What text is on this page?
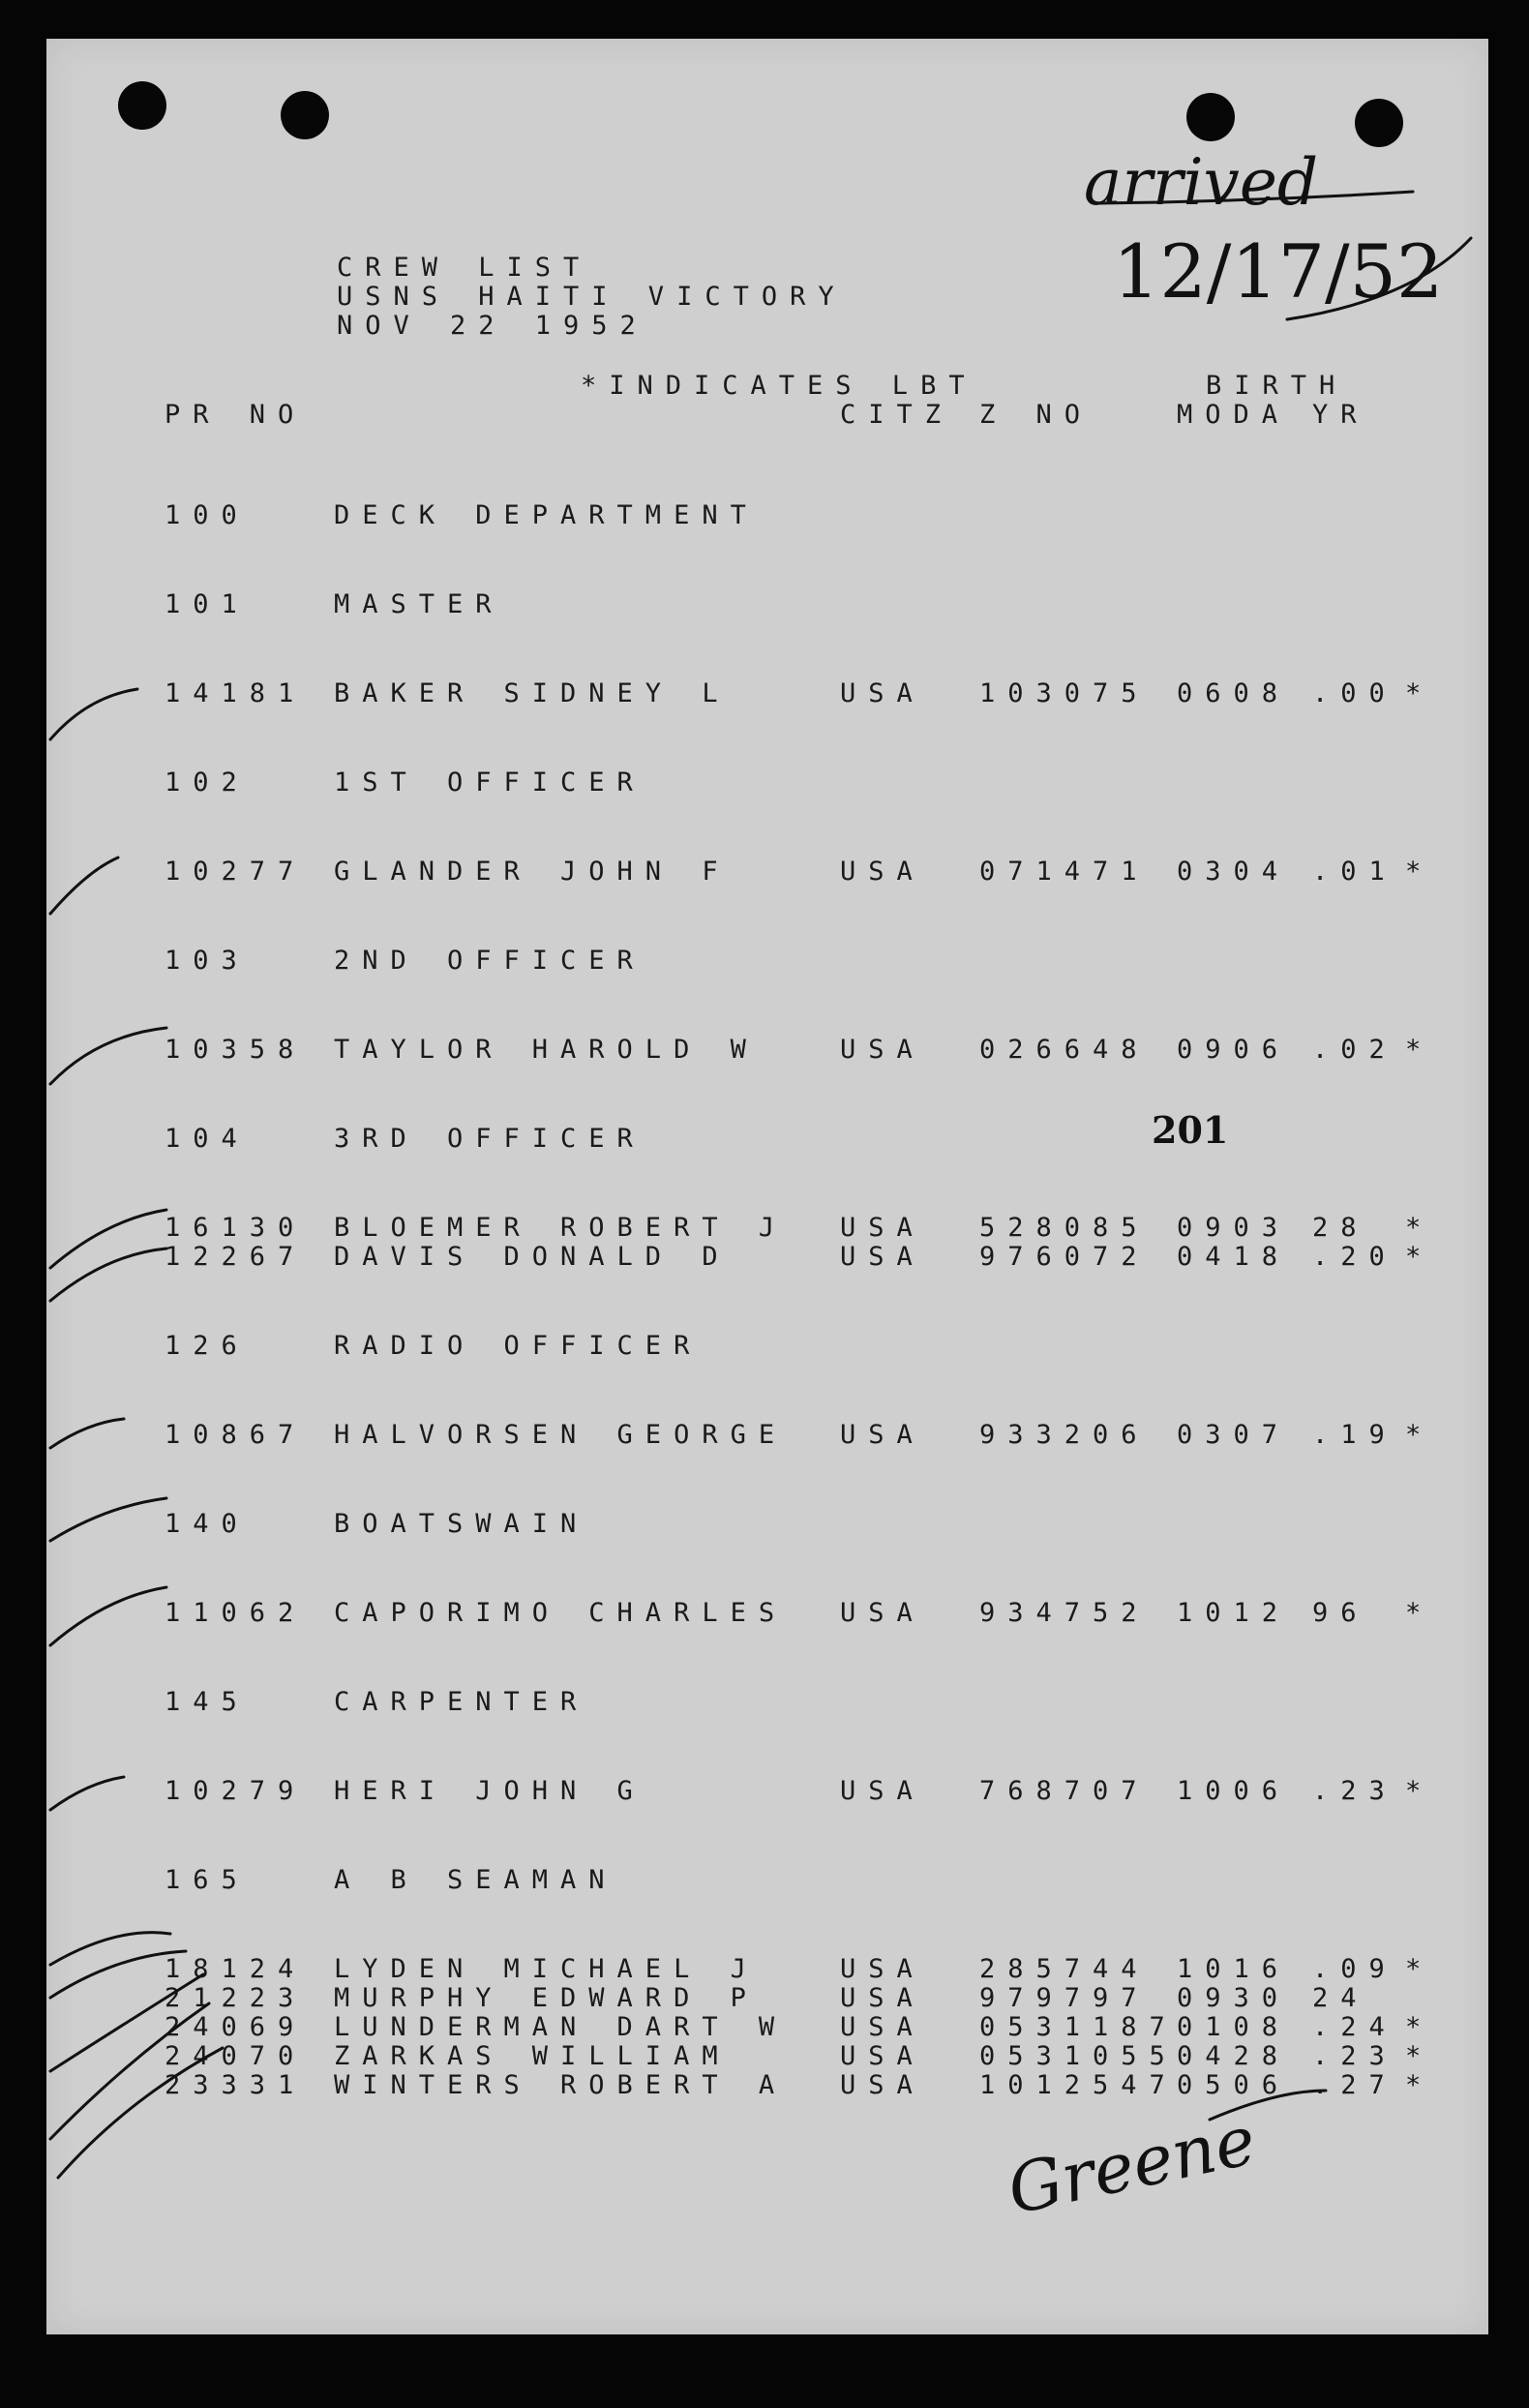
CREW LIST
USNS HAITI VICTORY
NOV 22 1952
*INDICATES LBT	BIRTH
PR NO	CITZ Z NO	MODA YR
100	DECK DEPARTMENT
101	MASTER
14181 BAKER SIDNEY L	USA 103075 0608 .00 *
102	1ST OFFICER
10277 GLANDER JOHN F	USA 071471 0304 .01 *
103	2ND OFFICER
10358 TAYLOR HAROLD W	USA 026648 0906 .02 *
104	3RD OFFICER
16130 BLOEMER ROBERT J USA 528085 0903 28 *
12267 DAVIS DONALD D	USA 976072 0418 .20 *
126	RADIO OFFICER
10867 HALVORSEN GEORGE USA 933206 0307 .19 *
140	BOATSWAIN
11062 CAPORIMO CHARLES USA 934752 1012 96 *
145	CARPENTER
10279 HERI JOHN G	USA 768707 1006 .23 *
165	A B SEAMAN
18124 LYDEN MICHAEL J	USA 285744 1016 .09 *
21223 MURPHY EDWARD P	USA 979797 0930 24
24069 LUNDERMAN DART W USA 0531187 0108 .24 *
24070 ZARKAS WILLIAM	USA 0531055 0428 .23 *
23331 WINTERS ROBERT A USA 1012547 0506 .27 *
201
arrived
12/17/52
Greene
